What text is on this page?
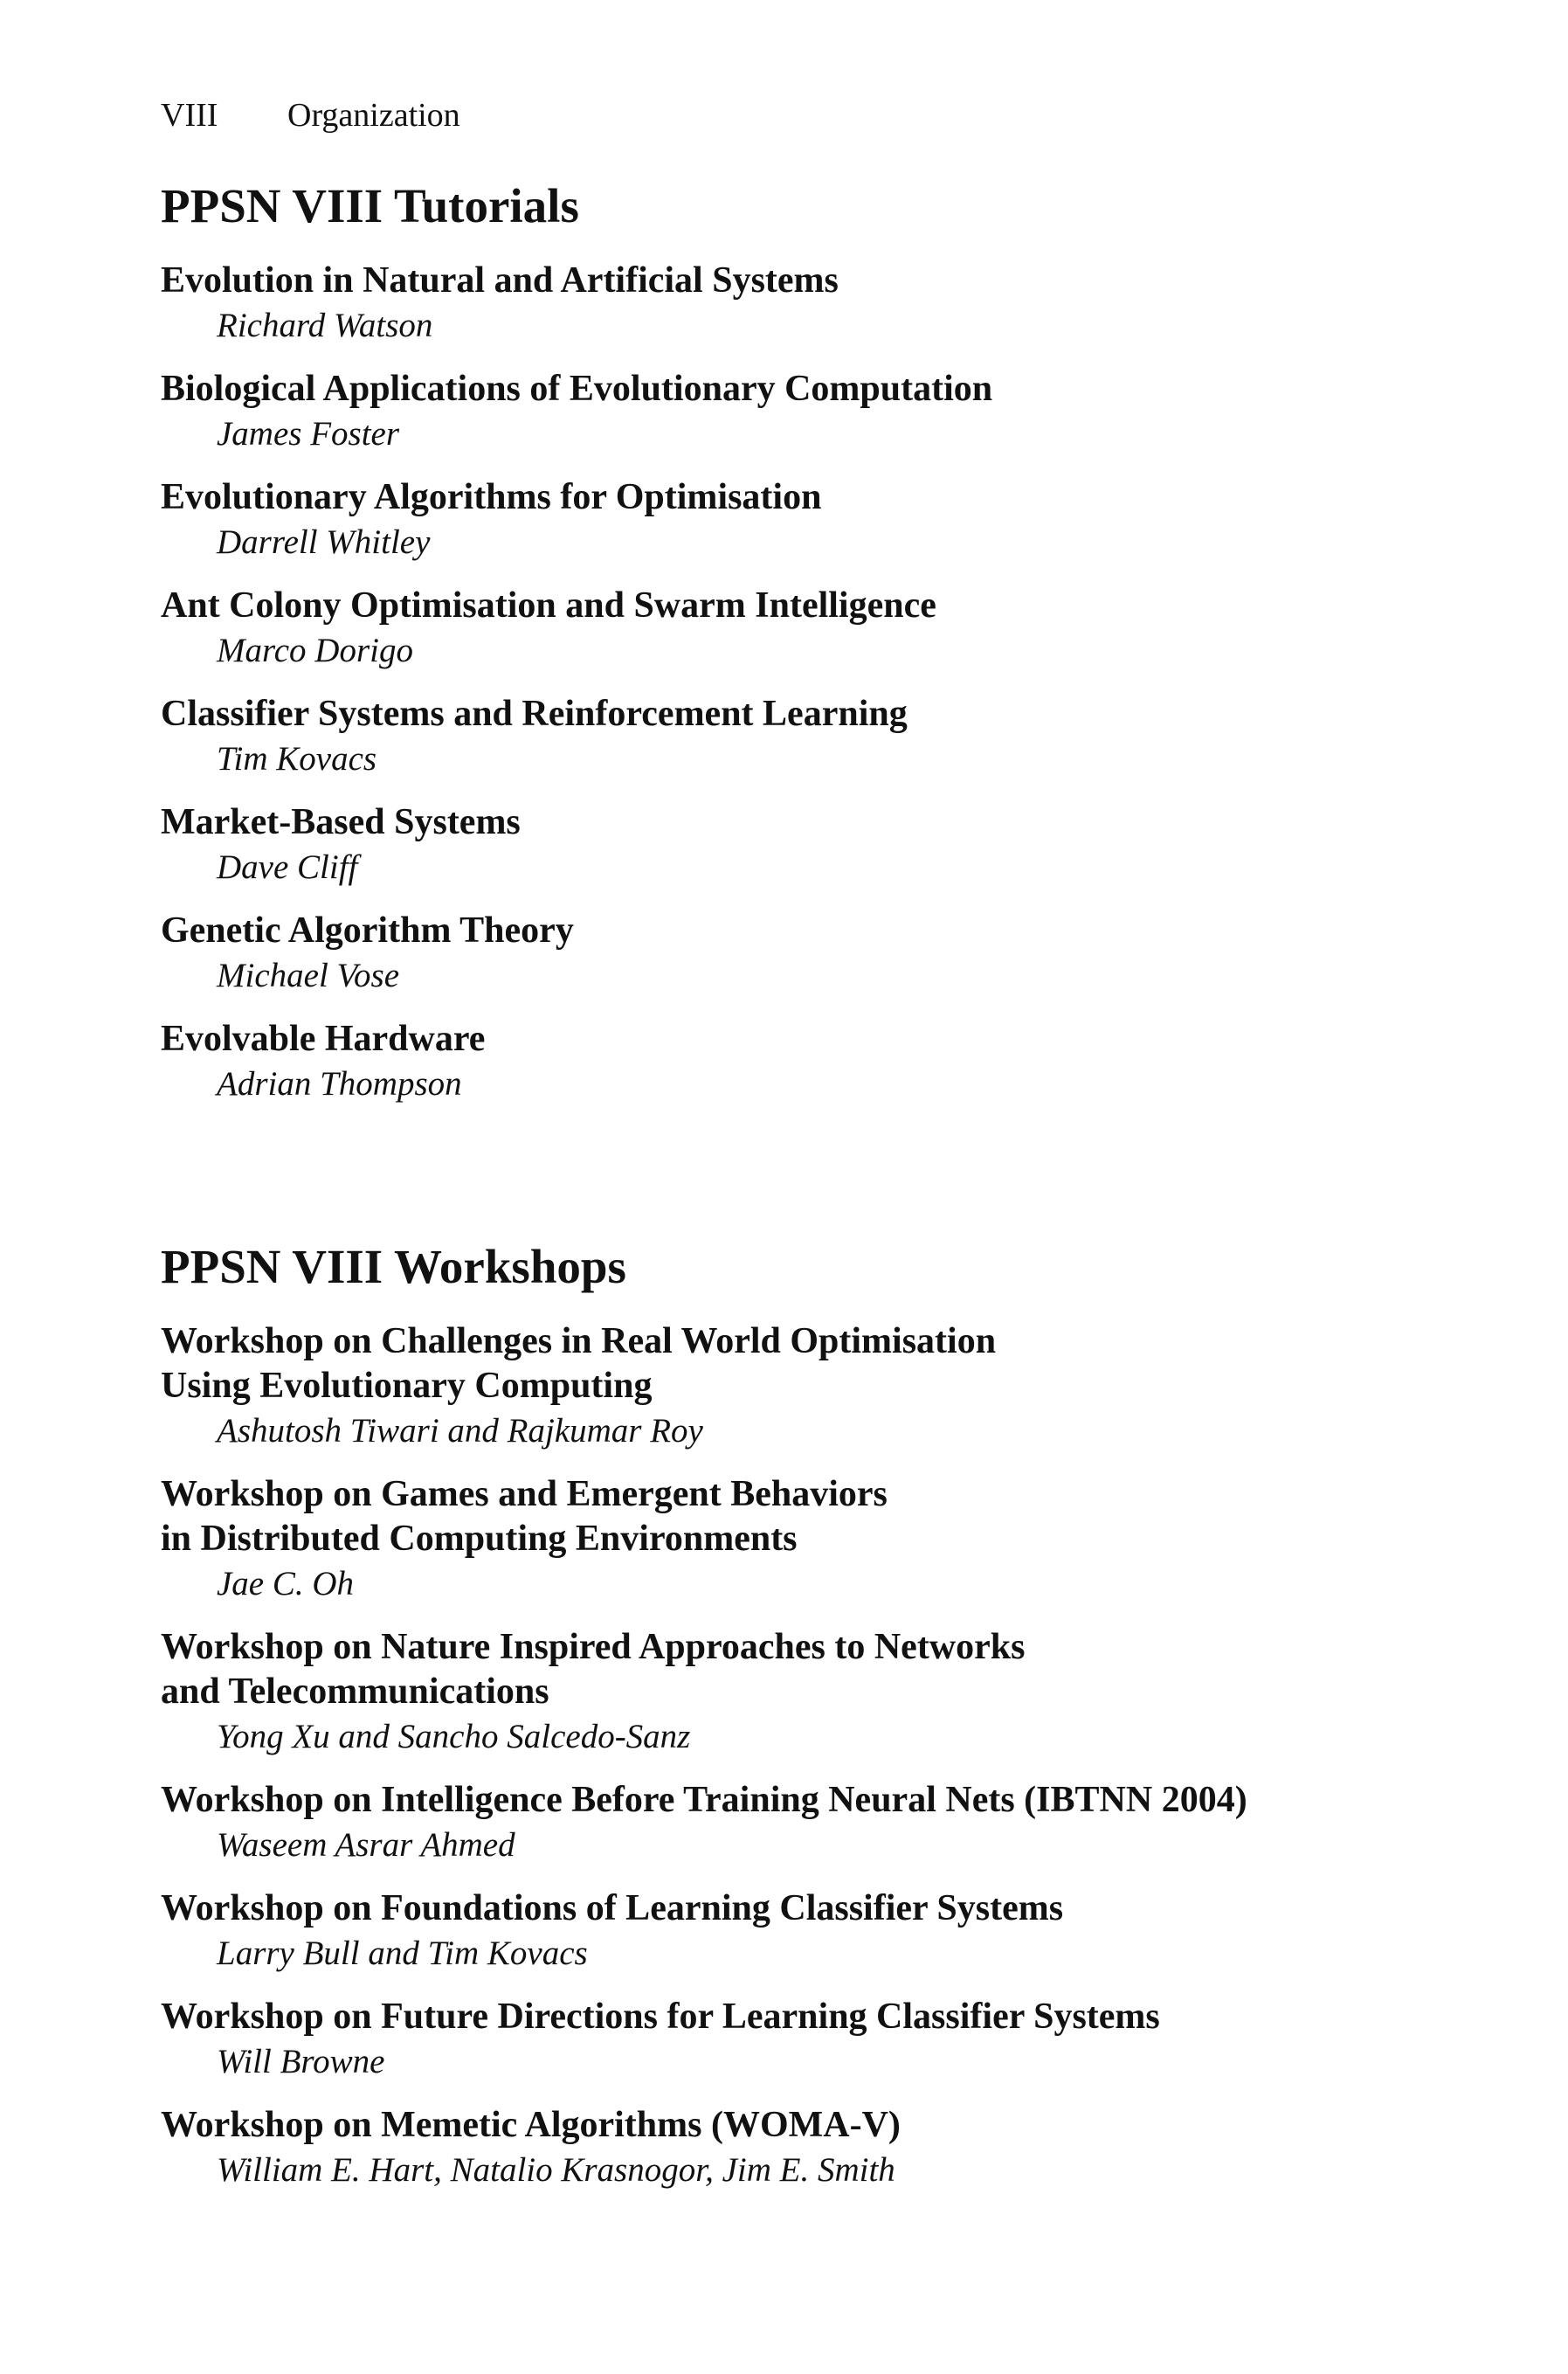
VIII Organization
PPSN VIII Tutorials
Evolution in Natural and Artificial Systems
Richard Watson
Biological Applications of Evolutionary Computation
James Foster
Evolutionary Algorithms for Optimisation
Darrell Whitley
Ant Colony Optimisation and Swarm Intelligence
Marco Dorigo
Classifier Systems and Reinforcement Learning
Tim Kovacs
Market-Based Systems
Dave Cliff
Genetic Algorithm Theory
Michael Vose
Evolvable Hardware
Adrian Thompson
PPSN VIII Workshops
Workshop on Challenges in Real World Optimisation
Using Evolutionary Computing
Ashutosh Tiwari and Rajkumar Roy
Workshop on Games and Emergent Behaviors
in Distributed Computing Environments
Jae C. Oh
Workshop on Nature Inspired Approaches to Networks
and Telecommunications
Yong Xu and Sancho Salcedo-Sanz
Workshop on Intelligence Before Training Neural Nets (IBTNN 2004)
Waseem Asrar Ahmed
Workshop on Foundations of Learning Classifier Systems
Larry Bull and Tim Kovacs
Workshop on Future Directions for Learning Classifier Systems
Will Browne
Workshop on Memetic Algorithms (WOMA-V)
William E. Hart, Natalio Krasnogor, Jim E. Smith
